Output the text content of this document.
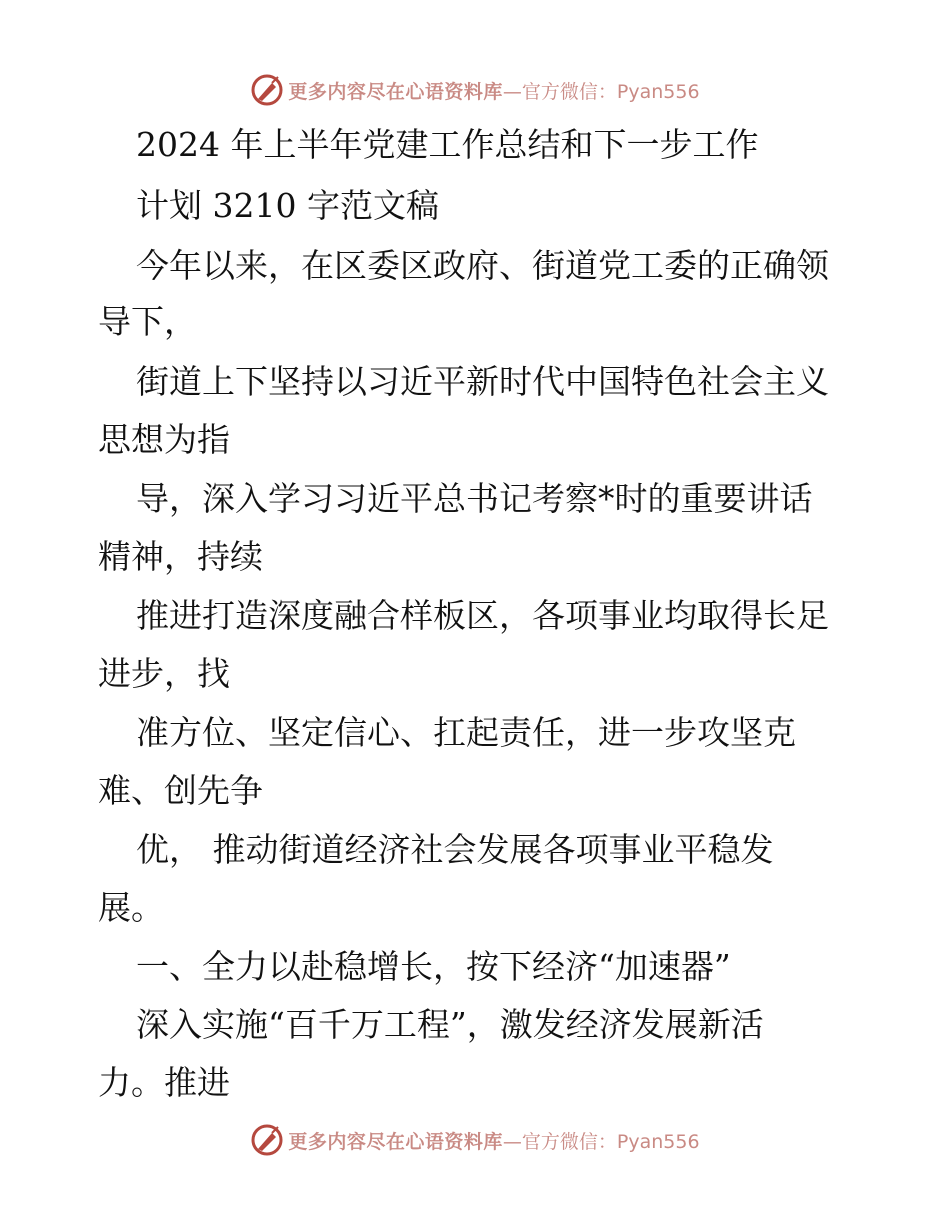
更多内容尽在心语资料库 —官方微信：Pyan556
2024 年上半年党建工作总结和下一步工作
计划 3210 字范文稿
今年以来，在区委区政府、街道党工委的正确领
导下，
街道上下坚持以习近平新时代中国特色社会主义
思想为指
导，深入学习习近平总书记考察*时的重要讲话
精神，持续
推进打造深度融合样板区，各项事业均取得长足
进步，找
准方位、坚定信心、扛起责任，进一步攻坚克
难、创先争
优， 推动街道经济社会发展各项事业平稳发
展。
一、全力以赴稳增长，按下经济“加速器”
深入实施“百千万工程”，激发经济发展新活
力。推进
更多内容尽在心语资料库 —官方微信：Pyan556
